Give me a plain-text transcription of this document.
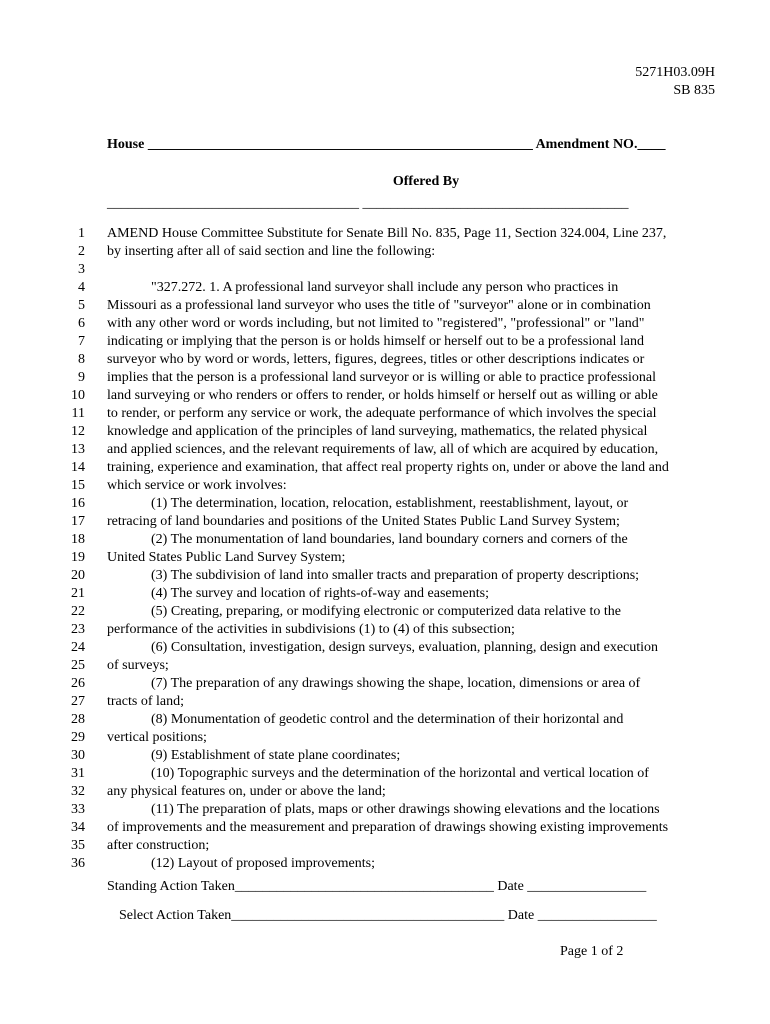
5271H03.09H
SB 835
House _______________________________________________________ Amendment NO.____
Offered By
____________________________________ ______________________________________
1 AMEND House Committee Substitute for Senate Bill No. 835, Page 11, Section 324.004, Line 237,
2 by inserting after all of said section and line the following:
3
4	"327.272. 1. A professional land surveyor shall include any person who practices in
5 Missouri as a professional land surveyor who uses the title of "surveyor" alone or in combination
6 with any other word or words including, but not limited to "registered", "professional" or "land"
7 indicating or implying that the person is or holds himself or herself out to be a professional land
8 surveyor who by word or words, letters, figures, degrees, titles or other descriptions indicates or
9 implies that the person is a professional land surveyor or is willing or able to practice professional
10 land surveying or who renders or offers to render, or holds himself or herself out as willing or able
11 to render, or perform any service or work, the adequate performance of which involves the special
12 knowledge and application of the principles of land surveying, mathematics, the related physical
13 and applied sciences, and the relevant requirements of law, all of which are acquired by education,
14 training, experience and examination, that affect real property rights on, under or above the land and
15 which service or work involves:
16	(1) The determination, location, relocation, establishment, reestablishment, layout, or
17 retracing of land boundaries and positions of the United States Public Land Survey System;
18	(2) The monumentation of land boundaries, land boundary corners and corners of the
19 United States Public Land Survey System;
20	(3) The subdivision of land into smaller tracts and preparation of property descriptions;
21	(4) The survey and location of rights-of-way and easements;
22	(5) Creating, preparing, or modifying electronic or computerized data relative to the
23 performance of the activities in subdivisions (1) to (4) of this subsection;
24	(6) Consultation, investigation, design surveys, evaluation, planning, design and execution
25 of surveys;
26	(7) The preparation of any drawings showing the shape, location, dimensions or area of
27 tracts of land;
28	(8) Monumentation of geodetic control and the determination of their horizontal and
29 vertical positions;
30	(9) Establishment of state plane coordinates;
31	(10) Topographic surveys and the determination of the horizontal and vertical location of
32 any physical features on, under or above the land;
33	(11) The preparation of plats, maps or other drawings showing elevations and the locations
34 of improvements and the measurement and preparation of drawings showing existing improvements
35 after construction;
36	(12) Layout of proposed improvements;
Standing Action Taken_____________________________________ Date _________________
Select Action Taken_______________________________________ Date _________________
Page 1 of 2
